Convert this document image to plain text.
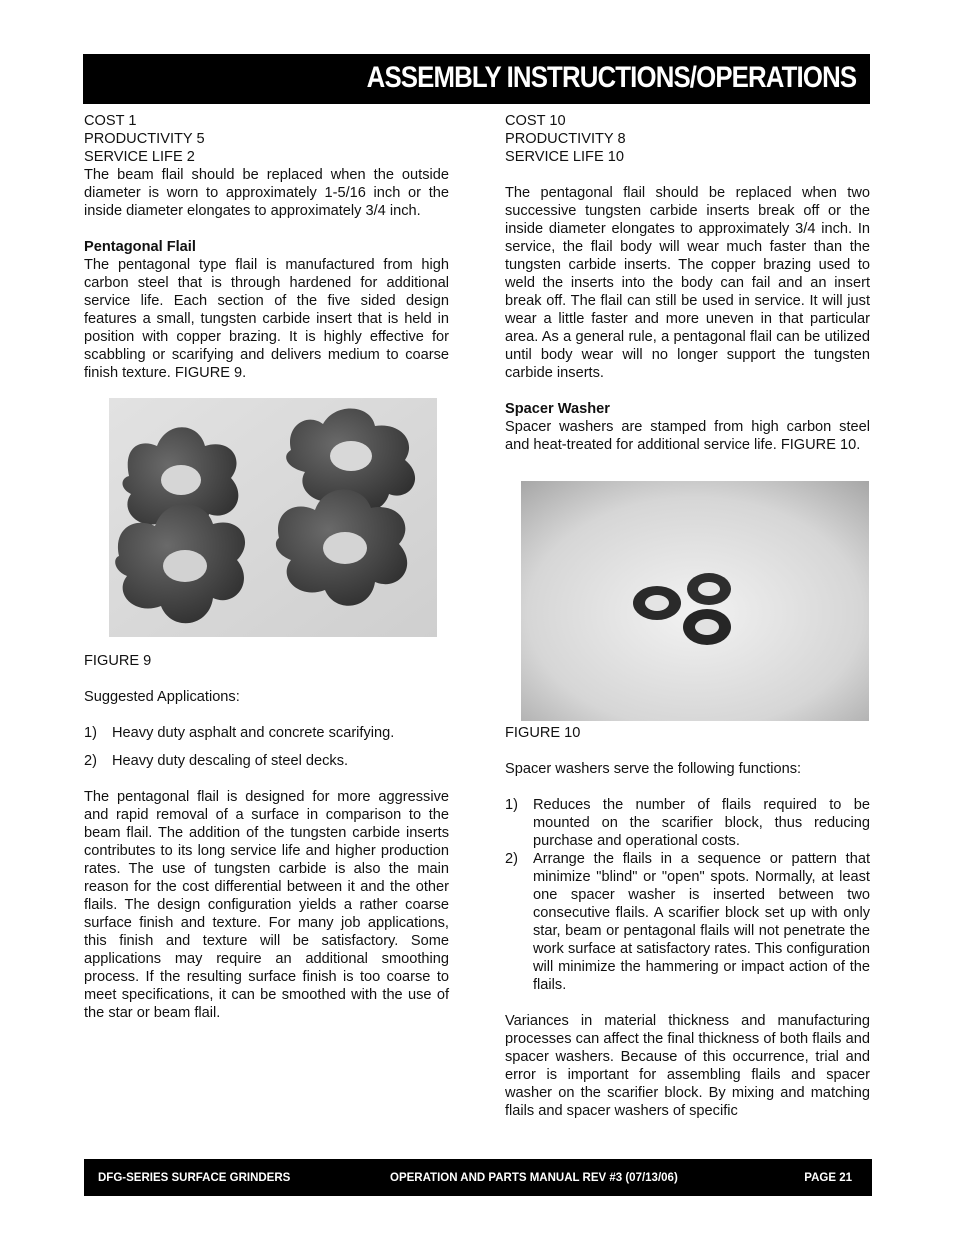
ASSEMBLY INSTRUCTIONS/OPERATIONS
COST 1
PRODUCTIVITY 5
SERVICE LIFE 2

The beam flail should be replaced when the outside diameter is worn to approximately 1-5/16 inch or the inside diameter elongates to approximately 3/4 inch.

Pentagonal Flail

The pentagonal type flail is manufactured from high carbon steel that is through hardened for additional service life. Each section of the five sided design features a small, tungsten carbide insert that is held in position with copper brazing. It is highly effective for scabbling or scarifying and delivers medium to coarse finish texture. FIGURE 9.

FIGURE 9
Suggested Applications:
1) Heavy duty asphalt and concrete scarifying.
2) Heavy duty descaling of steel decks.

The pentagonal flail is designed for more aggressive and rapid removal of a surface in comparison to the beam flail. The addition of the tungsten carbide inserts contributes to its long service life and higher production rates. The use of tungsten carbide is also the main reason for the cost differential between it and the other flails. The design configuration yields a rather coarse surface finish and texture. For many job applications, this finish and texture will be satisfactory. Some applications may require an additional smoothing process. If the resulting surface finish is too coarse to meet specifications, it can be smoothed with the use of the star or beam flail.

COST 10
PRODUCTIVITY 8
SERVICE LIFE 10

The pentagonal flail should be replaced when two successive tungsten carbide inserts break off or the inside diameter elongates to approximately 3/4 inch. In service, the flail body will wear much faster than the tungsten carbide inserts. The copper brazing used to weld the inserts into the body can fail and an insert break off. The flail can still be used in service. It will just wear a little faster and more uneven in that particular area. As a general rule, a pentagonal flail can be utilized until body wear will no longer support the tungsten carbide inserts.

Spacer Washer

Spacer washers are stamped from high carbon steel and heat-treated for additional service life. FIGURE 10.

FIGURE 10
Spacer washers serve the following functions:
1) Reduces the number of flails required to be mounted on the scarifier block, thus reducing purchase and operational costs.
2) Arrange the flails in a sequence or pattern that minimize "blind" or "open" spots. Normally, at least one spacer washer is inserted between two consecutive flails. A scarifier block set up with only star, beam or pentagonal flails will not penetrate the work surface at satisfactory rates. This configuration will minimize the hammering or impact action of the flails.

Variances in material thickness and manufacturing processes can affect the final thickness of both flails and spacer washers. Because of this occurrence, trial and error is important for assembling flails and spacer washer on the scarifier block. By mixing and matching flails and spacer washers of specific

DFG-SERIES SURFACE GRINDERS	OPERATION AND PARTS MANUAL REV #3 (07/13/06)	PAGE 21
